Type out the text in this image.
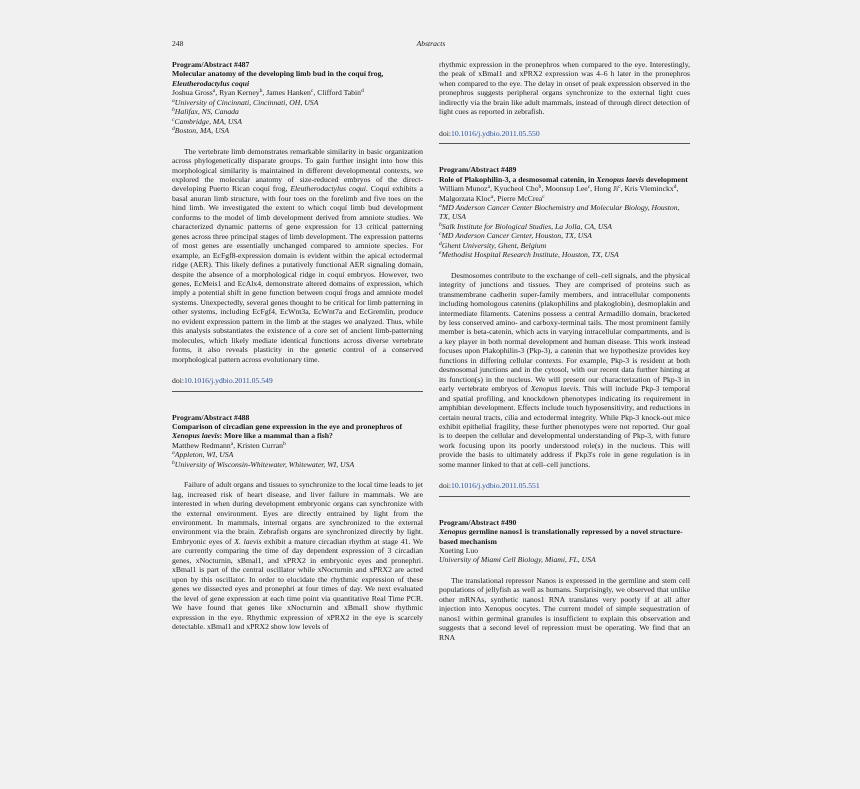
248	Abstracts

Program/Abstract #487

Molecular anatomy of the developing limb bud in the coquí frog, Eleutherodactylus coqui

Joshua Gross$^a$, Ryan Kerney$^b$, James Hanken$^c$, Clifford Tabin$^d$

$^a$University of Cincinnati, Cincinnati, OH, USA

$^b$Halifax, NS, Canada

$^c$Cambridge, MA, USA

$^d$Boston, MA, USA

The vertebrate limb demonstrates remarkable similarity in basic organization across phylogenetically disparate groups. To gain further insight into how this morphological similarity is maintained in different developmental contexts, we explored the molecular anatomy of size-reduced embryos of the direct-developing Puerto Rican coquí frog, Eleutherodactylus coqui. Coquí exhibits a basal anuran limb structure, with four toes on the forelimb and five toes on the hind limb. We investigated the extent to which coquí limb bud development conforms to the model of limb development derived from amniote studies. We characterized dynamic patterns of gene expression for 13 critical patterning genes across three principal stages of limb development. The expression patterns of most genes are essentially unchanged compared to amniote species. For example, an EcFgf8-expression domain is evident within the apical ectodermal ridge (AER). This likely defines a putatively functional AER signaling domain, despite the absence of a morphological ridge in coquí embryos. However, two genes, EcMeis1 and EcAlx4, demonstrate altered domains of expression, which imply a potential shift in gene function between coquí frogs and amniote model systems. Unexpectedly, several genes thought to be critical for limb patterning in other systems, including EcFgf4, EcWnt3a, EcWnt7a and EcGremlin, produce no evident expression pattern in the limb at the stages we analyzed. Thus, while this analysis substantiates the existence of a core set of ancient limb-patterning molecules, which likely mediate identical functions across diverse vertebrate forms, it also reveals plasticity in the genetic control of a conserved morphological pattern across evolutionary time.

doi:10.1016/j.ydbio.2011.05.549

Program/Abstract #488

Comparison of circadian gene expression in the eye and pronephros of Xenopus laevis: More like a mammal than a fish?

Matthew Redmann$^a$, Kristen Curran$^b$

$^a$Appleton, WI, USA

$^b$University of Wisconsin-Whitewater, Whitewater, WI, USA

Failure of adult organs and tissues to synchronize to the local time leads to jet lag, increased risk of heart disease, and liver failure in mammals. We are interested in when during development embryonic organs can synchronize with the external environment. Eyes are directly entrained by light from the environment. In mammals, internal organs are synchronized to the external environment via the brain. Zebrafish organs are synchronized directly by light. Embryonic eyes of X. laevis exhibit a mature circadian rhythm at stage 41. We are currently comparing the time of day dependent expression of 3 circadian genes, xNocturnin, xBmal1, and xPRX2 in embryonic eyes and pronephri. xBmal1 is part of the central oscillator while xNocturnin and xPRX2 are acted upon by this oscillator. In order to elucidate the rhythmic expression of these genes we dissected eyes and pronephri at four times of day. We next evaluated the level of gene expression at each time point via quantitative Real Time PCR. We have found that genes like xNocturnin and xBmal1 show rhythmic expression in the eye. Rhythmic expression of xPRX2 in the eye is scarcely detectable. xBmal1 and xPRX2 show low levels of

rhythmic expression in the pronephros when compared to the eye. Interestingly, the peak of xBmal1 and xPRX2 expression was 4–6 h later in the pronephros when compared to the eye. The delay in onset of peak expression observed in the pronephros suggests peripheral organs synchronize to the external light cues indirectly via the brain like adult mammals, instead of through direct detection of light cues as reported in zebrafish.

doi:10.1016/j.ydbio.2011.05.550

Program/Abstract #489

Role of Plakophilin-3, a desmosomal catenin, in Xenopus laevis development

William Munoz$^a$, Kyucheol Cho$^b$, Moonsup Lee$^c$, Hong Ji$^c$, Kris Vleminckx$^d$, Malgorzata Kloc$^a$, Pierre McCrea$^c$

$^a$MD Anderson Cancer Center Biochemistry and Molecular Biology, Houston, TX, USA

$^b$Salk Institute for Biological Studies, La Jolla, CA, USA

$^c$MD Anderson Cancer Center, Houston, TX, USA

$^d$Ghent University, Ghent, Belgium

$^e$Methodist Hospital Research Institute, Houston, TX, USA

Desmosomes contribute to the exchange of cell–cell signals, and the physical integrity of junctions and tissues. They are comprised of proteins such as transmembrane cadherin super-family members, and intracellular components including homologous catenins (plakophilins and plakoglobin), desmoplakin and intermediate filaments. Catenins possess a central Armadillo domain, bracketed by less conserved amino- and carboxy-terminal tails. The most prominent family member is beta-catenin, which acts in varying intracellular compartments, and is a key player in both normal development and human disease. This work instead focuses upon Plakophilin-3 (Pkp-3), a catenin that we hypothesize provides key functions in differing cellular contexts. For example, Pkp-3 is resident at both desmosomal junctions and in the cytosol, with our recent data further hinting at its function(s) in the nucleus. We will present our characterization of Pkp-3 in early vertebrate embryos of Xenopus laevis. This will include Pkp-3 temporal and spatial profiling, and knockdown phenotypes indicating its requirement in amphibian development. Effects include touch hyposensitivity, and reductions in certain neural tracts, cilia and ectodermal integrity. While Pkp-3 knock-out mice exhibit epithelial fragility, these further phenotypes were not reported. Our goal is to deepen the cellular and developmental understanding of Pkp-3, with future work focusing upon its poorly understood role(s) in the nucleus. This will provide the basis to ultimately address if Pkp3's role in gene regulation is in some manner linked to that at cell–cell junctions.

doi:10.1016/j.ydbio.2011.05.551

Program/Abstract #490

Xenopus germline nanos1 is translationally repressed by a novel structure-based mechanism

Xueting Luo

University of Miami Cell Biology, Miami, FL, USA

The translational repressor Nanos is expressed in the germline and stem cell populations of jellyfish as well as humans. Surprisingly, we observed that unlike other mRNAs, synthetic nanos1 RNA translates very poorly if at all after injection into Xenopus oocytes. The current model of simple sequestration of nanos1 within germinal granules is insufficient to explain this observation and suggests that a second level of repression must be operating. We find that an RNA
